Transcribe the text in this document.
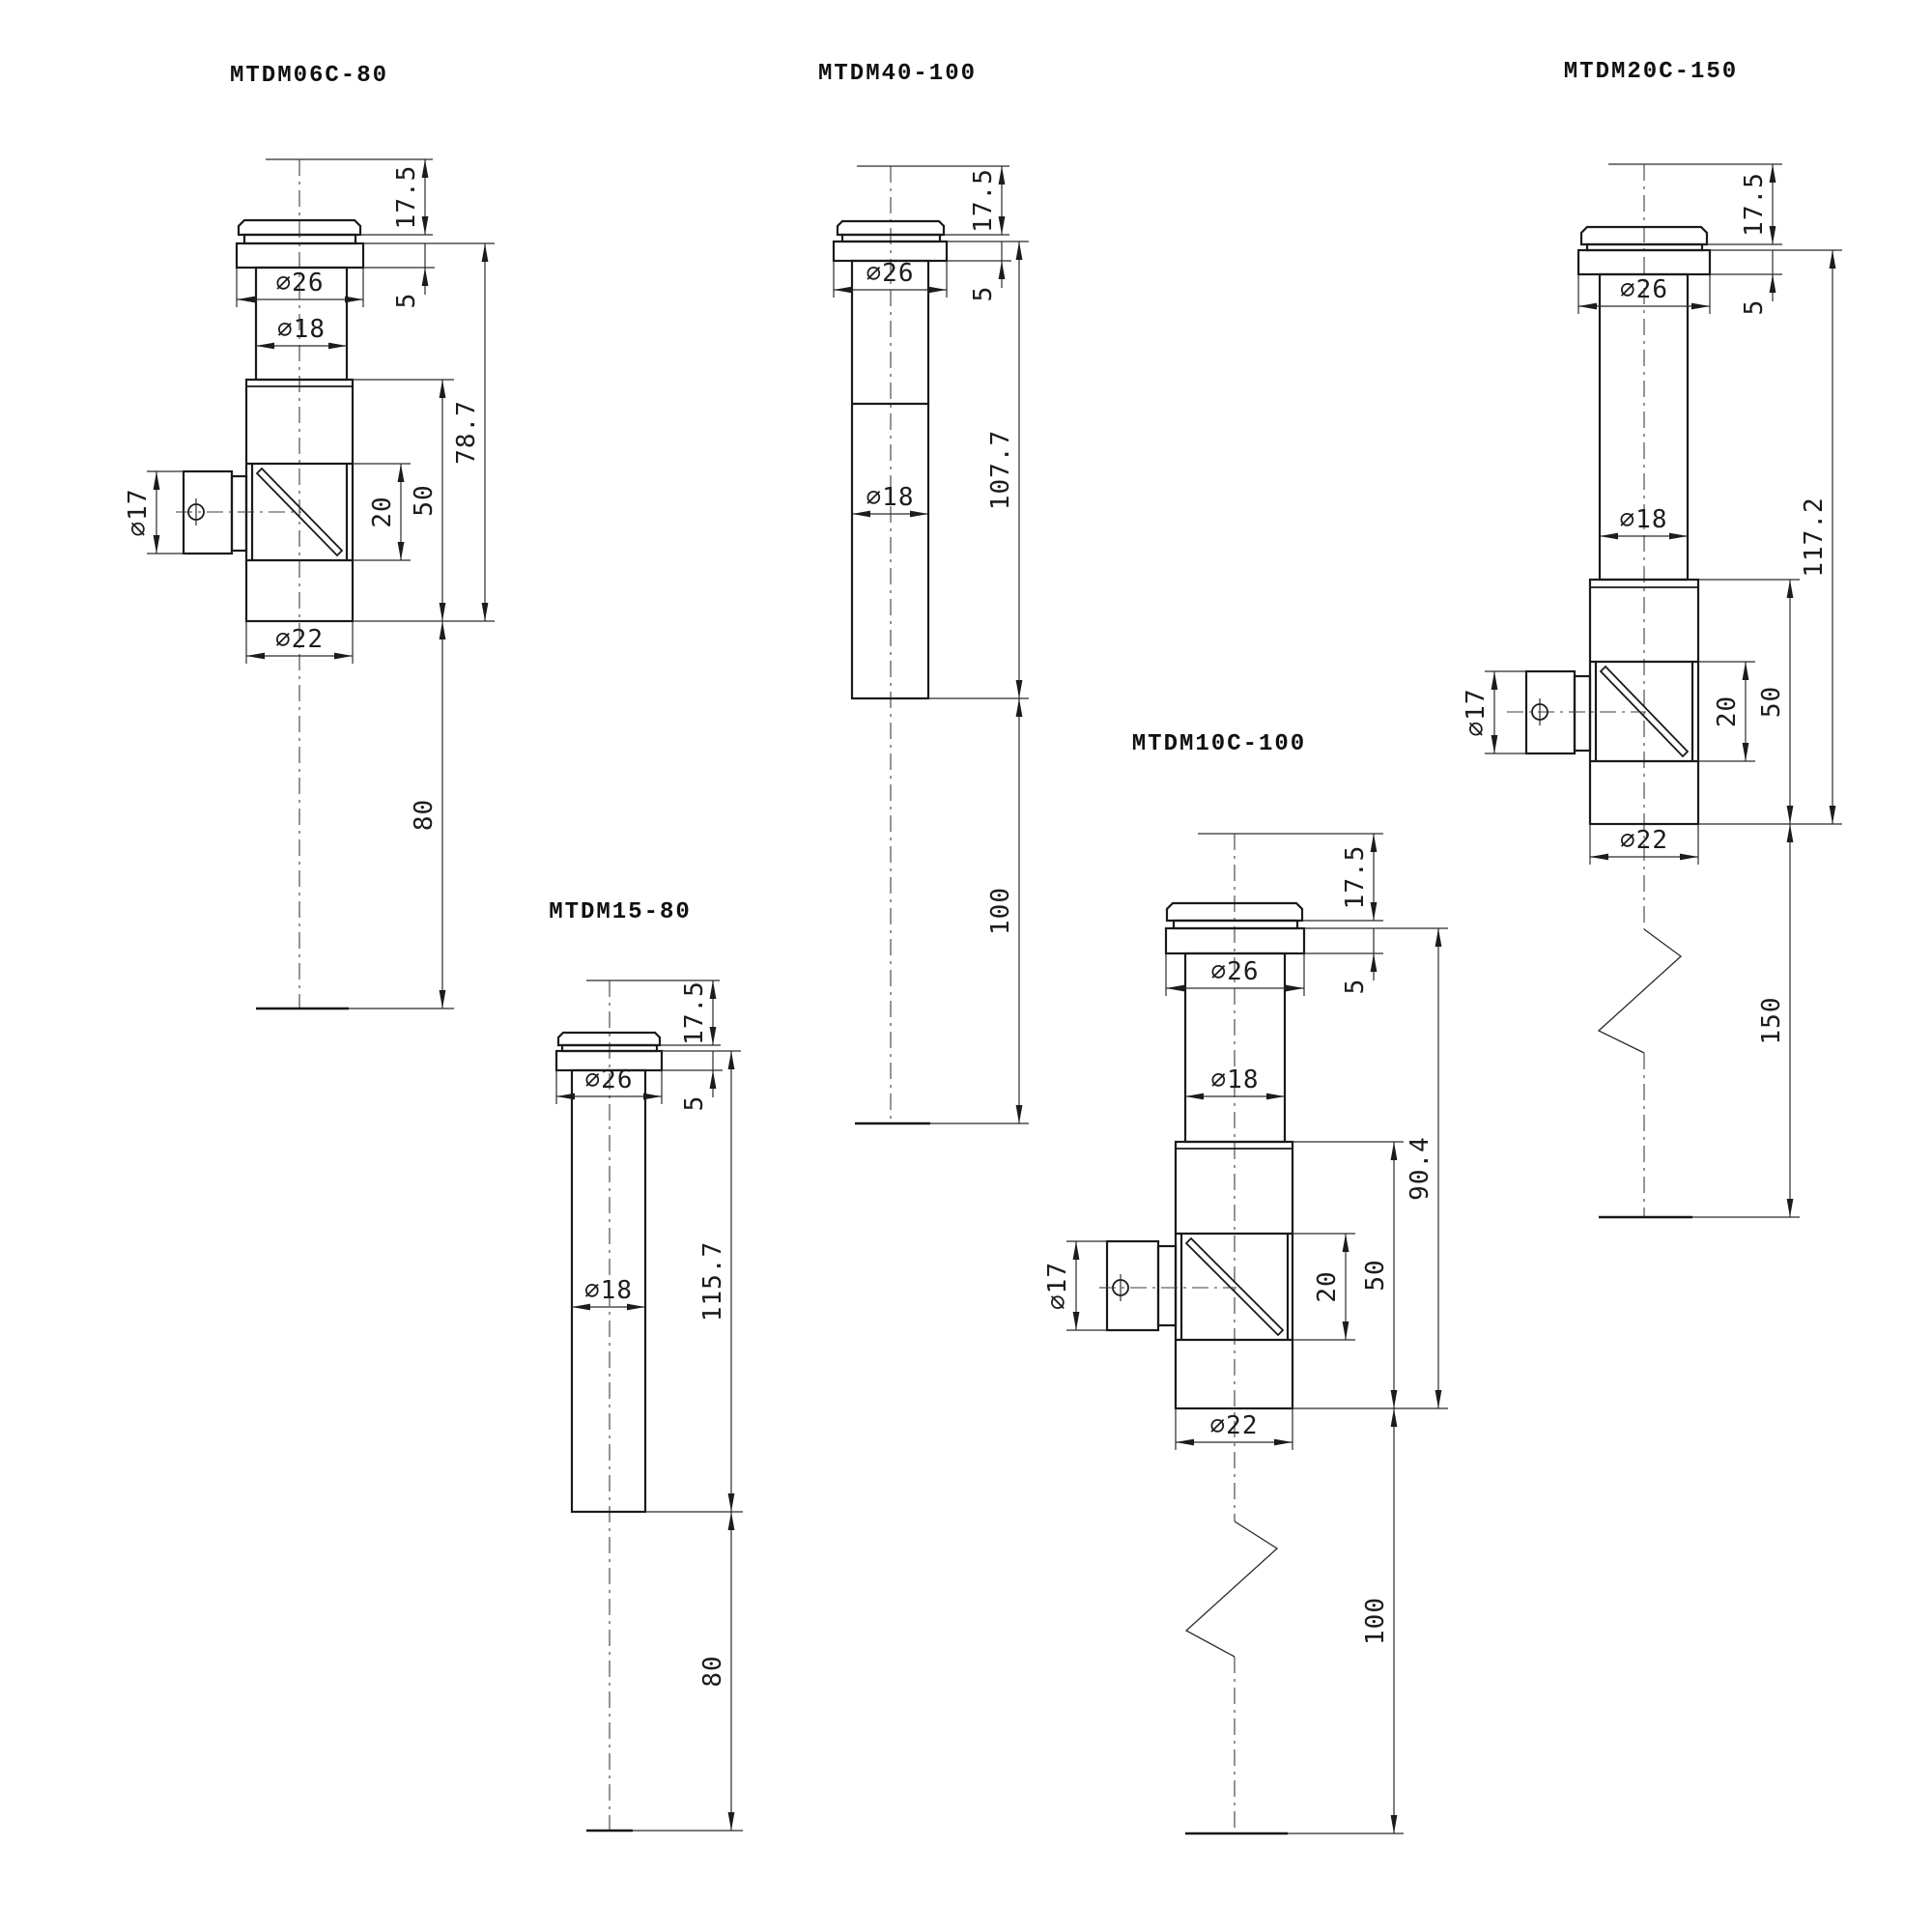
MTDM06C-80
∅26
∅18
∅22
∅17	20 50
78.7
80
17.5
5
MTDM40-100
∅26
∅18
17.5
5
107.7
100
MTDM20C-150
∅26
∅18
∅22
∅17	20 50
117.2
150
17.5
5
MTDM15-80
∅26
∅18
17.5
5
115.7
80
MTDM10C-100
∅26
∅18
∅22
∅17	20 50
90.4
100
17.5
5
